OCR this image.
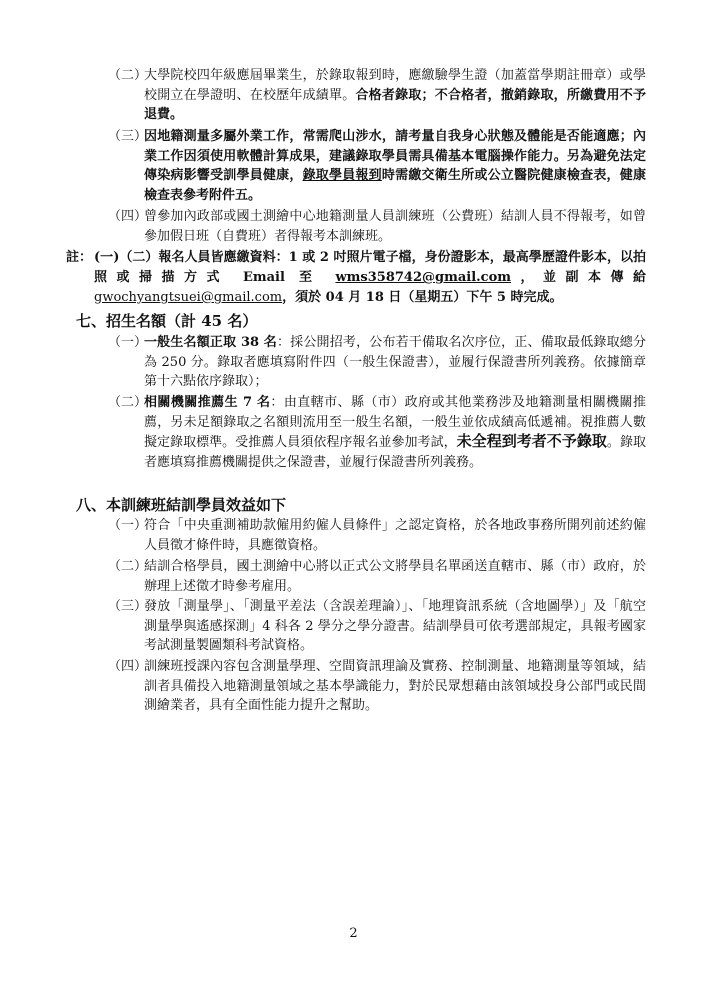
（二）
大學院校四年級應屆畢業生，於錄取報到時，應繳驗學生證（加蓋當學期註冊章）或學校開立在學證明、在校歷年成績單。合格者錄取；不合格者，撤銷錄取，所繳費用不予退費。
（三）
因地籍測量多屬外業工作，常需爬山涉水，請考量自我身心狀態及體能是否能適應；內業工作因須使用軟體計算成果，建議錄取學員需具備基本電腦操作能力。另為避免法定傳染病影響受訓學員健康，錄取學員報到時需繳交衛生所或公立醫院健康檢查表，健康檢查表參考附件五。
（四）
曾參加內政部或國土測繪中心地籍測量人員訓練班（公費班）結訓人員不得報考，如曾參加假日班（自費班）者得報考本訓練班。
註： (一)（二）報名人員皆應繳資料：1 或 2 吋照片電子檔，身份證影本，最高學歷證件影本，以拍照或掃描方式 Email 至 wms358742@gmail.com，並副本傳給 gwochyangtsuei@gmail.com，須於 04 月 18 日（星期五）下午 5 時完成。
七、招生名額（計 45 名）
（一）
一般生名額正取 38 名：採公開招考，公布若干備取名次序位，正、備取最低錄取總分為 250 分。錄取者應填寫附件四（一般生保證書），並履行保證書所列義務。依據簡章第十六點依序錄取）；
（二）
相關機關推薦生 7 名：由直轄市、縣（市）政府或其他業務涉及地籍測量相關機關推薦，另未足額錄取之名額則流用至一般生名額，一般生並依成績高低遞補。視推薦人數擬定錄取標準。受推薦人員須依程序報名並參加考試，未全程到考者不予錄取。錄取者應填寫推薦機關提供之保證書，並履行保證書所列義務。
八、本訓練班結訓學員效益如下
（一）
符合「中央重測補助款僱用約僱人員條件」之認定資格，於各地政事務所開列前述約僱人員徵才條件時，具應徵資格。
（二）
結訓合格學員，國土測繪中心將以正式公文將學員名單函送直轄市、縣（市）政府，於辦理上述徵才時參考雇用。
（三）
發放「測量學」、「測量平差法（含誤差理論）」、「地理資訊系統（含地圖學）」及「航空測量學與遙感探測」4 科各 2 學分之學分證書。結訓學員可依考選部規定，具報考國家考試測量製圖類科考試資格。
（四）
訓練班授課內容包含測量學理、空間資訊理論及實務、控制測量、地籍測量等領域，結訓者具備投入地籍測量領域之基本學識能力，對於民眾想藉由該領域投身公部門或民間測繪業者，具有全面性能力提升之幫助。
2
